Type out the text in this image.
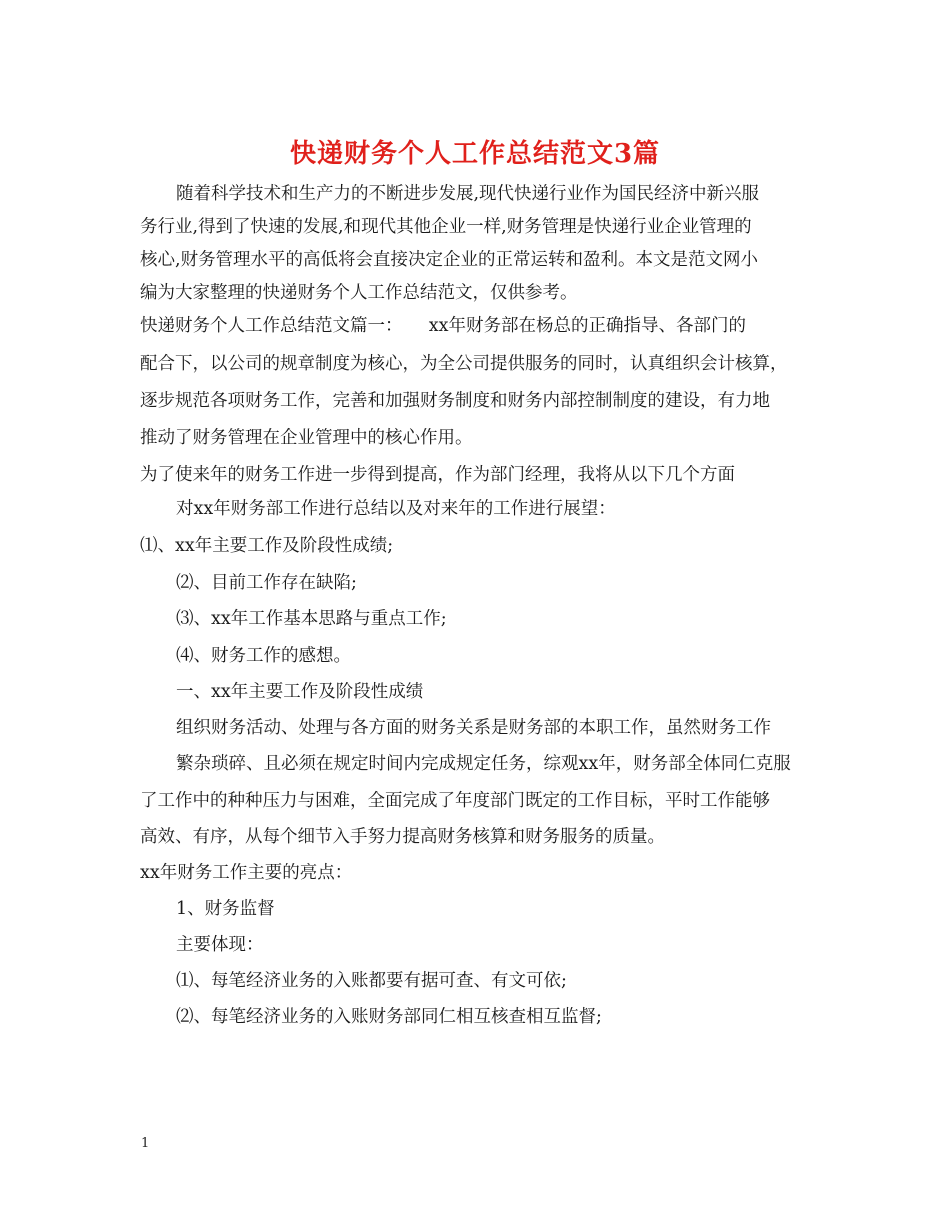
快递财务个人工作总结范文3篇
随着科学技术和生产力的不断进步发展,现代快递行业作为国民经济中新兴服
务行业,得到了快速的发展,和现代其他企业一样,财务管理是快递行业企业管理的
核心,财务管理水平的高低将会直接决定企业的正常运转和盈利。本文是范文网小
编为大家整理的快递财务个人工作总结范文，仅供参考。
快递财务个人工作总结范文篇一：　　xx年财务部在杨总的正确指导、各部门的
配合下，以公司的规章制度为核心，为全公司提供服务的同时，认真组织会计核算，
逐步规范各项财务工作，完善和加强财务制度和财务内部控制制度的建设，有力地
推动了财务管理在企业管理中的核心作用。
为了使来年的财务工作进一步得到提高，作为部门经理，我将从以下几个方面
对xx年财务部工作进行总结以及对来年的工作进行展望：
⑴、xx年主要工作及阶段性成绩;
⑵、目前工作存在缺陷;
⑶、xx年工作基本思路与重点工作;
⑷、财务工作的感想。
一、xx年主要工作及阶段性成绩
组织财务活动、处理与各方面的财务关系是财务部的本职工作，虽然财务工作
繁杂琐碎、且必须在规定时间内完成规定任务，综观xx年，财务部全体同仁克服
了工作中的种种压力与困难，全面完成了年度部门既定的工作目标，平时工作能够
高效、有序，从每个细节入手努力提高财务核算和财务服务的质量。
xx年财务工作主要的亮点：
1、财务监督
主要体现：
⑴、每笔经济业务的入账都要有据可查、有文可依;
⑵、每笔经济业务的入账财务部同仁相互核查相互监督;
1
